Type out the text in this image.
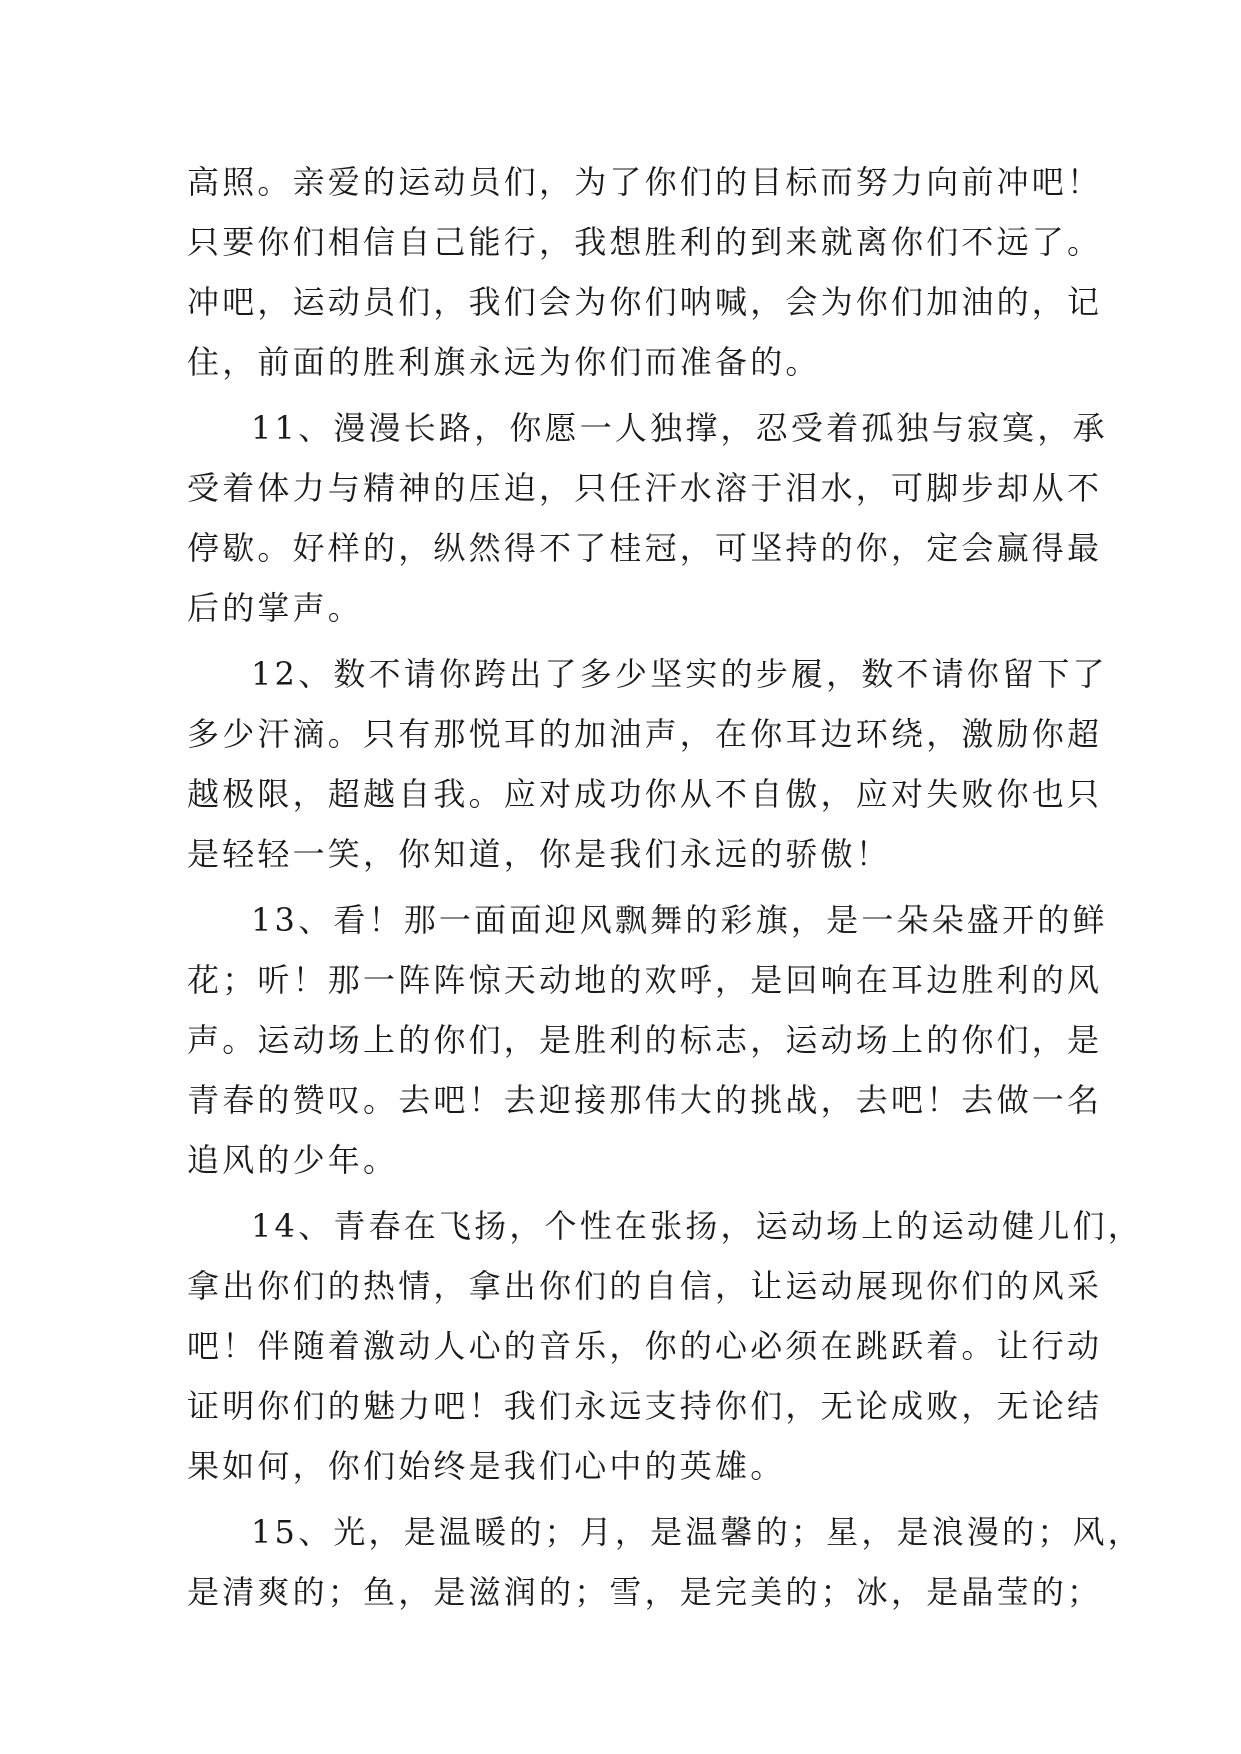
高照。亲爱的运动员们，为了你们的目标而努力向前冲吧！
只要你们相信自己能行，我想胜利的到来就离你们不远了。
冲吧，运动员们，我们会为你们呐喊，会为你们加油的，记
住，前面的胜利旗永远为你们而准备的。
11、漫漫长路，你愿一人独撑，忍受着孤独与寂寞，承
受着体力与精神的压迫，只任汗水溶于泪水，可脚步却从不
停歇。好样的，纵然得不了桂冠，可坚持的你，定会赢得最
后的掌声。
12、数不请你跨出了多少坚实的步履，数不请你留下了
多少汗滴。只有那悦耳的加油声，在你耳边环绕，激励你超
越极限，超越自我。应对成功你从不自傲，应对失败你也只
是轻轻一笑，你知道，你是我们永远的骄傲！
13、看！那一面面迎风飘舞的彩旗，是一朵朵盛开的鲜
花；听！那一阵阵惊天动地的欢呼，是回响在耳边胜利的风
声。运动场上的你们，是胜利的标志，运动场上的你们，是
青春的赞叹。去吧！去迎接那伟大的挑战，去吧！去做一名
追风的少年。
14、青春在飞扬，个性在张扬，运动场上的运动健儿们，
拿出你们的热情，拿出你们的自信，让运动展现你们的风采
吧！伴随着激动人心的音乐，你的心必须在跳跃着。让行动
证明你们的魅力吧！我们永远支持你们，无论成败，无论结
果如何，你们始终是我们心中的英雄。
15、光，是温暖的；月，是温馨的；星，是浪漫的；风，
是清爽的；鱼，是滋润的；雪，是完美的；冰，是晶莹的；
